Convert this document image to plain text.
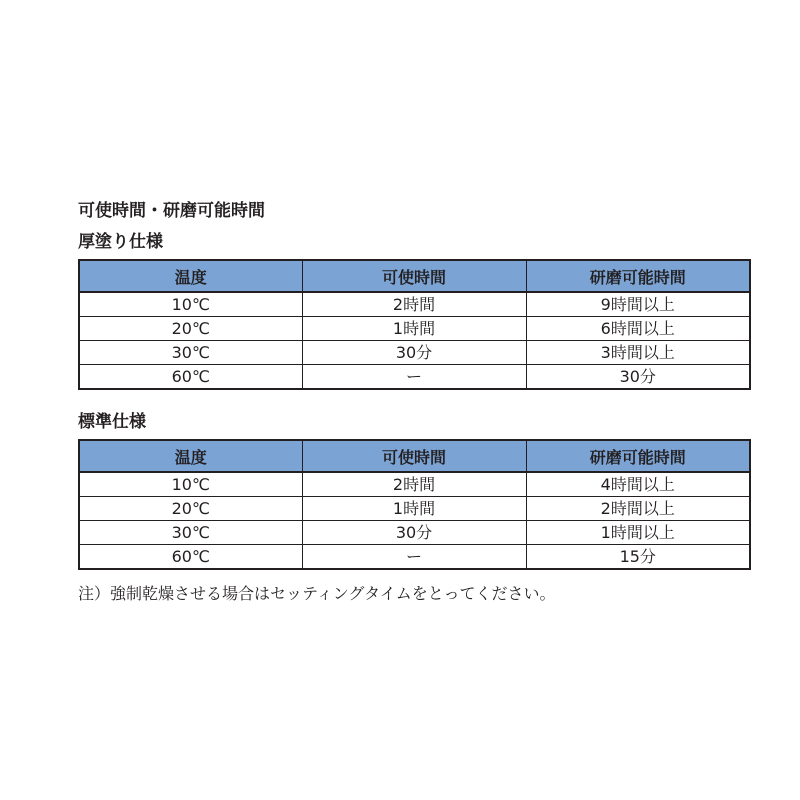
可使時間・研磨可能時間
厚塗り仕様
温度	可使時間	研磨可能時間
10℃	2時間	9時間以上
20℃	1時間	6時間以上
30℃	30分	3時間以上
60℃	ー	30分
標準仕様
温度	可使時間	研磨可能時間
10℃	2時間	4時間以上
20℃	1時間	2時間以上
30℃	30分	1時間以上
60℃	ー	15分
注）強制乾燥させる場合はセッティングタイムをとってください。
